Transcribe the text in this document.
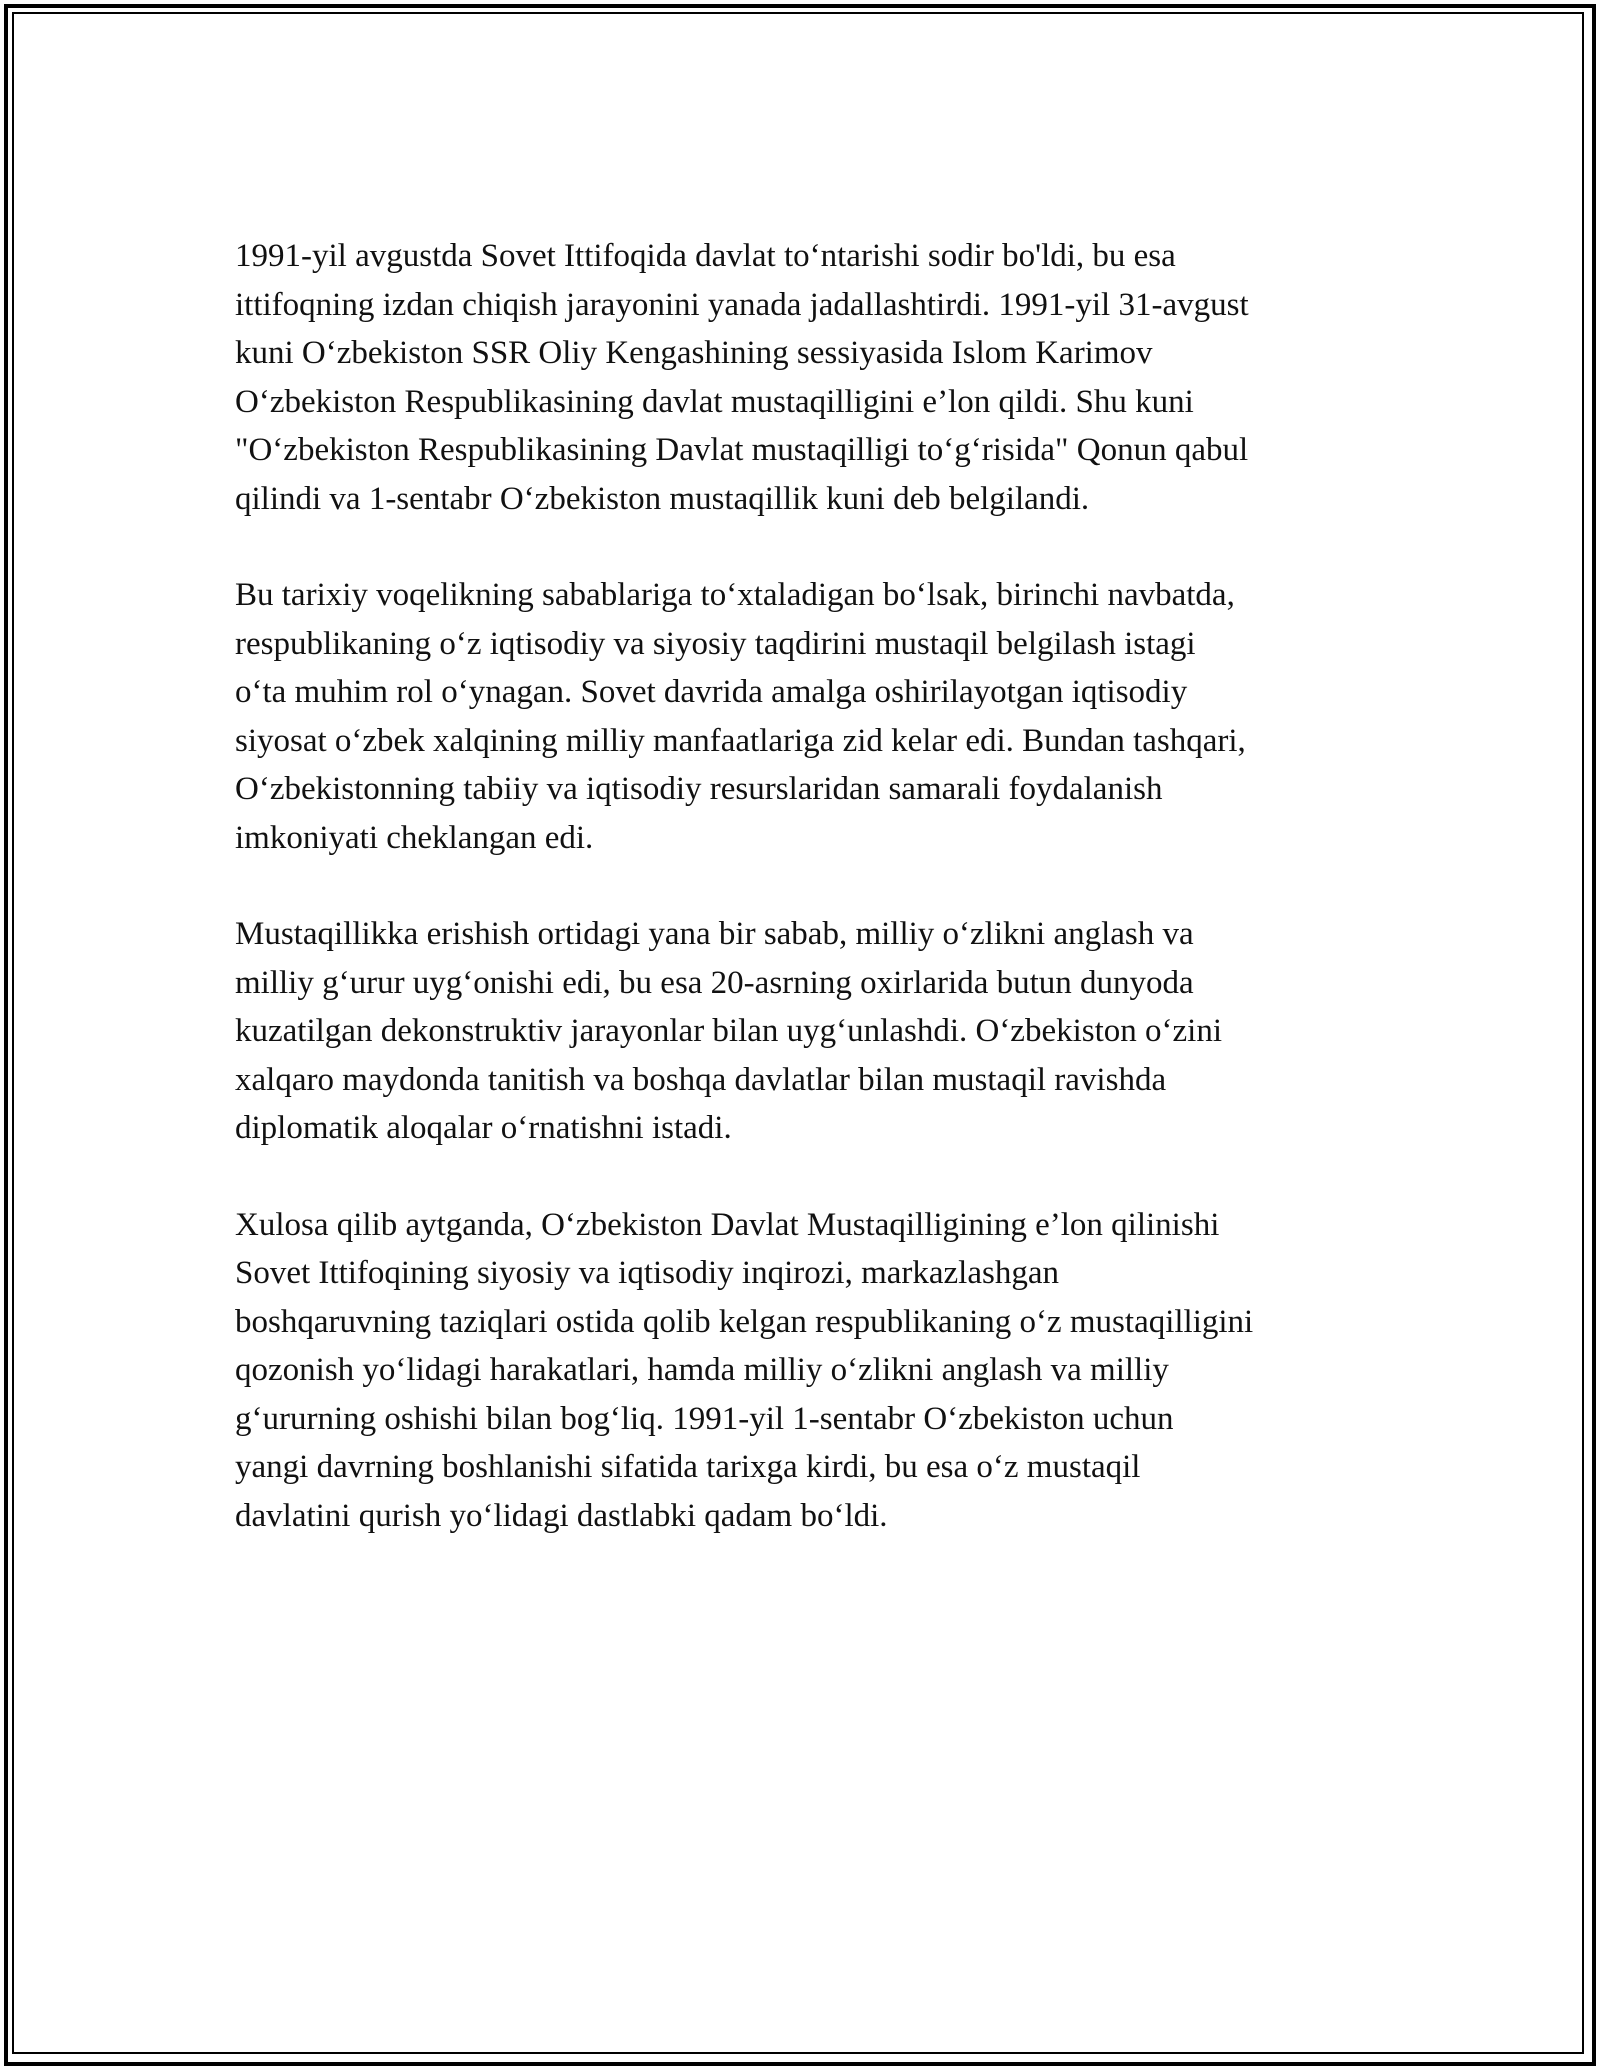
1991-yil avgustda Sovet Ittifoqida davlat to‘ntarishi sodir bo'ldi, bu esa
ittifoqning izdan chiqish jarayonini yanada jadallashtirdi. 1991-yil 31-avgust
kuni O‘zbekiston SSR Oliy Kengashining sessiyasida Islom Karimov
O‘zbekiston Respublikasining davlat mustaqilligini e’lon qildi. Shu kuni
"O‘zbekiston Respublikasining Davlat mustaqilligi to‘g‘risida" Qonun qabul
qilindi va 1-sentabr O‘zbekiston mustaqillik kuni deb belgilandi.

Bu tarixiy voqelikning sabablariga to‘xtaladigan bo‘lsak, birinchi navbatda,
respublikaning o‘z iqtisodiy va siyosiy taqdirini mustaqil belgilash istagi
o‘ta muhim rol o‘ynagan. Sovet davrida amalga oshirilayotgan iqtisodiy
siyosat o‘zbek xalqining milliy manfaatlariga zid kelar edi. Bundan tashqari,
O‘zbekistonning tabiiy va iqtisodiy resurslaridan samarali foydalanish
imkoniyati cheklangan edi.

Mustaqillikka erishish ortidagi yana bir sabab, milliy o‘zlikni anglash va
milliy g‘urur uyg‘onishi edi, bu esa 20-asrning oxirlarida butun dunyoda
kuzatilgan dekonstruktiv jarayonlar bilan uyg‘unlashdi. O‘zbekiston o‘zini
xalqaro maydonda tanitish va boshqa davlatlar bilan mustaqil ravishda
diplomatik aloqalar o‘rnatishni istadi.

Xulosa qilib aytganda, O‘zbekiston Davlat Mustaqilligining e’lon qilinishi
Sovet Ittifoqining siyosiy va iqtisodiy inqirozi, markazlashgan
boshqaruvning taziqlari ostida qolib kelgan respublikaning o‘z mustaqilligini
qozonish yo‘lidagi harakatlari, hamda milliy o‘zlikni anglash va milliy
g‘ururning oshishi bilan bog‘liq. 1991-yil 1-sentabr O‘zbekiston uchun
yangi davrning boshlanishi sifatida tarixga kirdi, bu esa o‘z mustaqil
davlatini qurish yo‘lidagi dastlabki qadam bo‘ldi.
